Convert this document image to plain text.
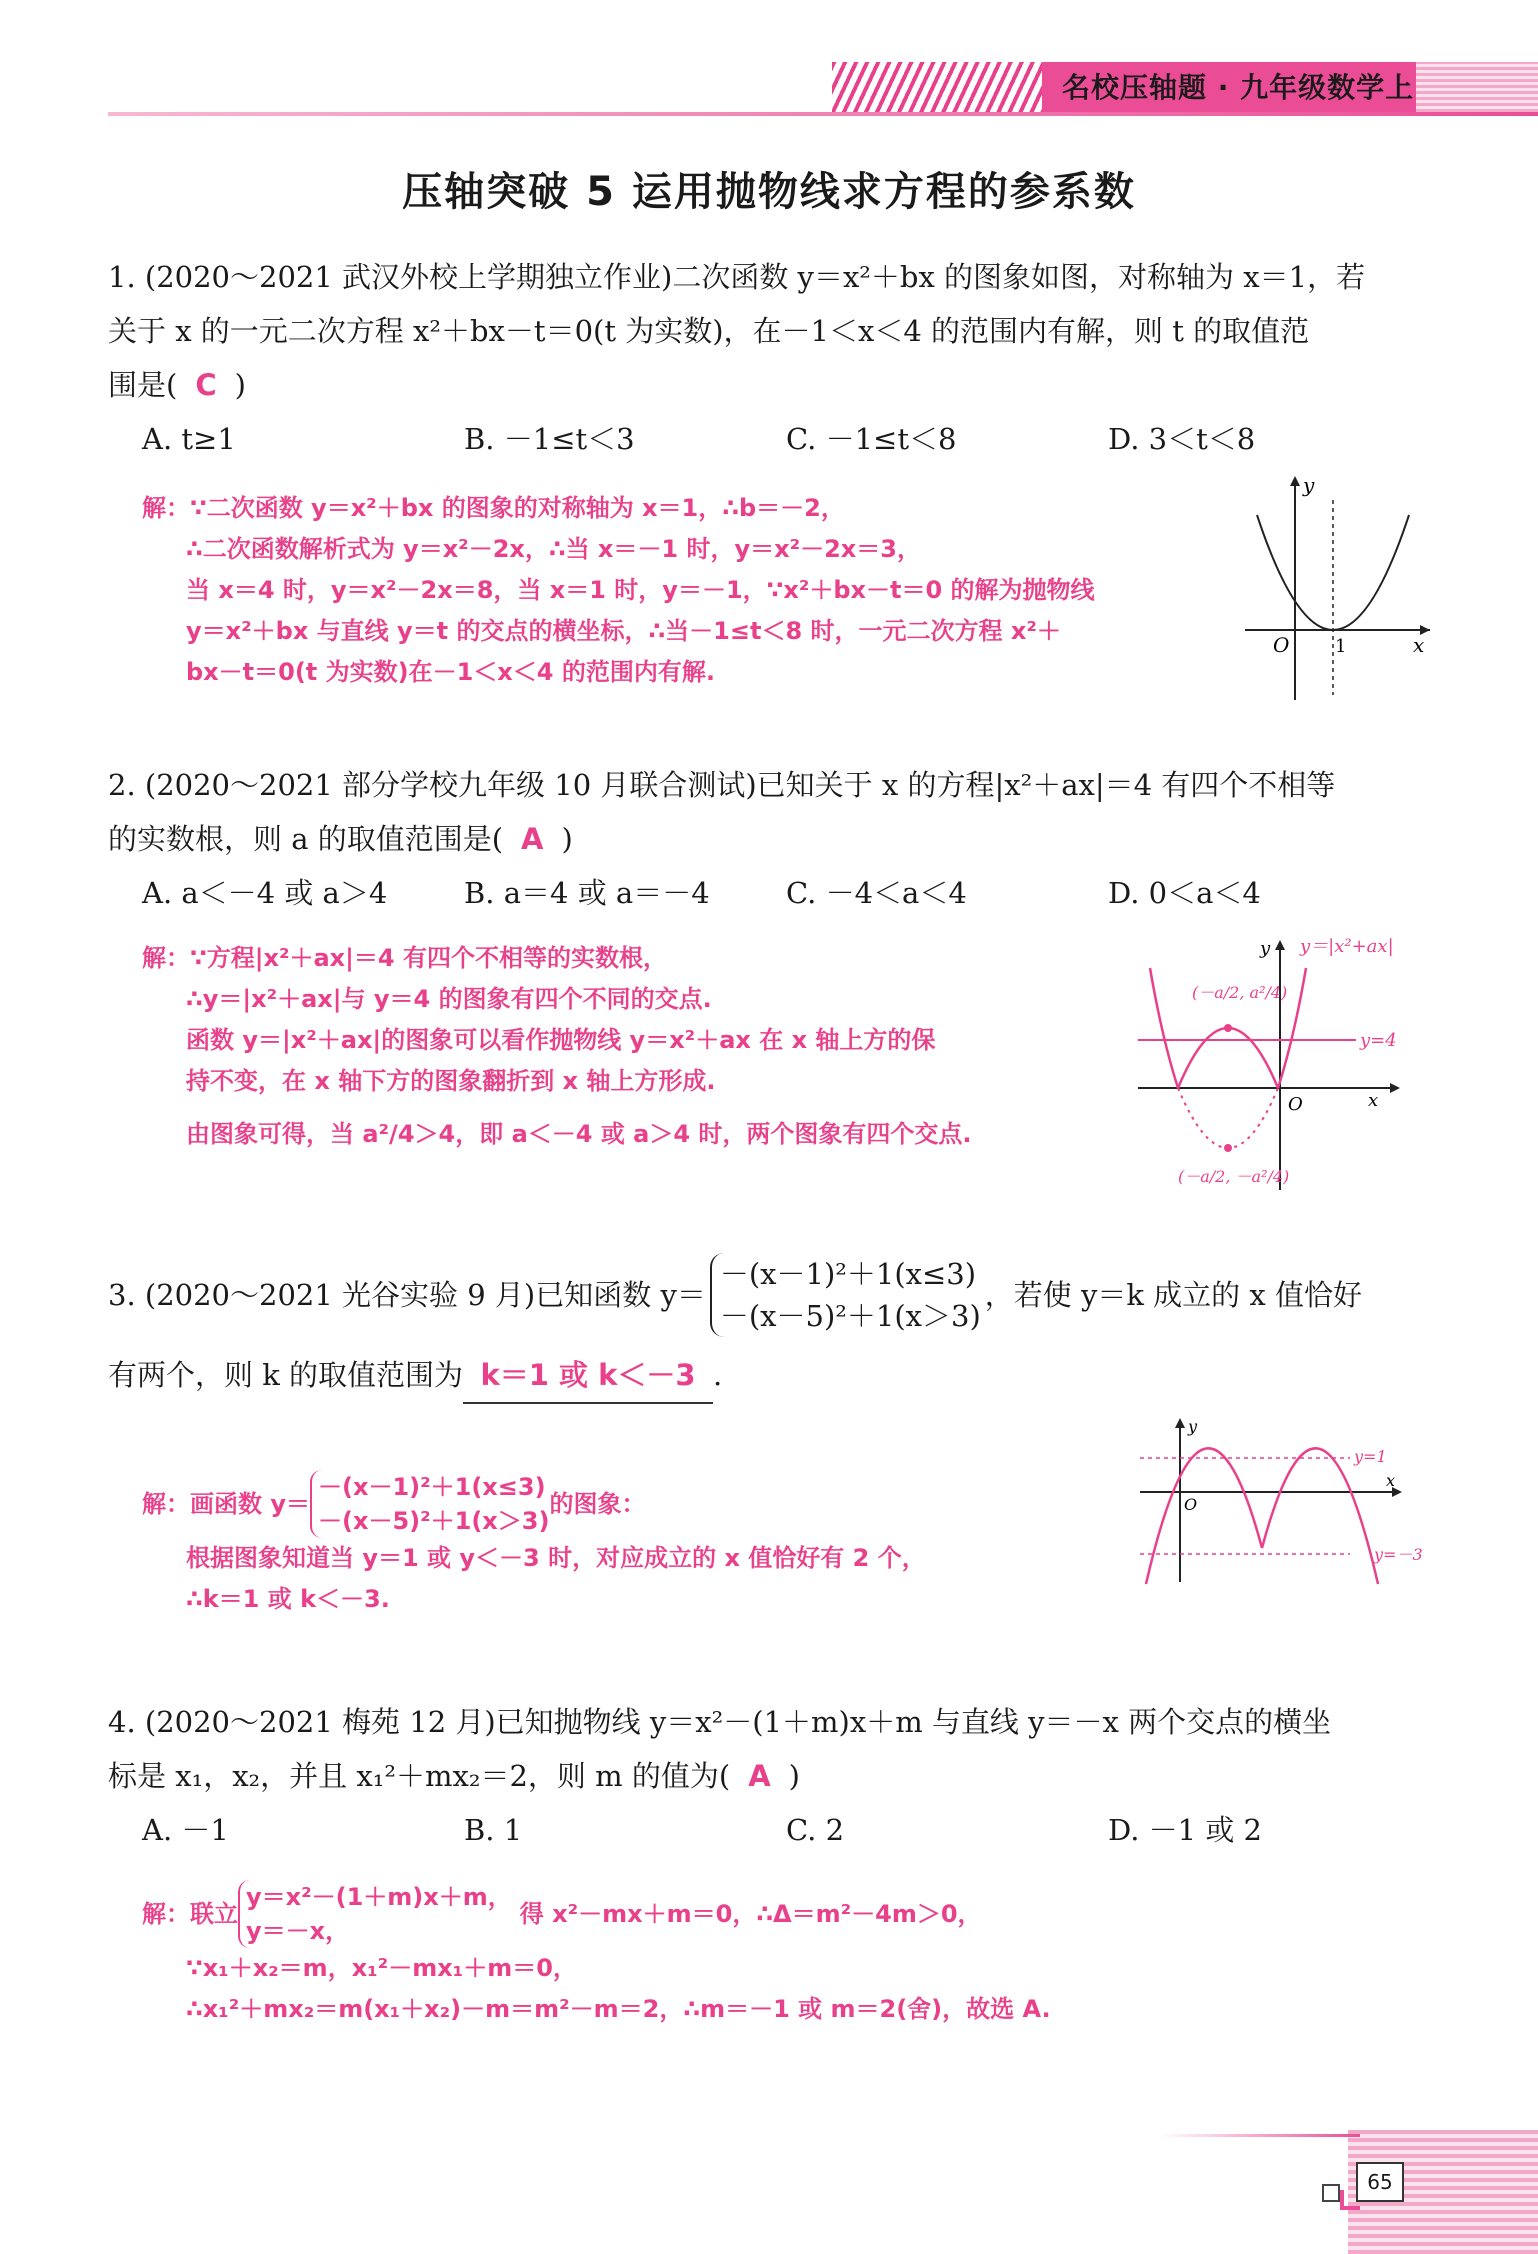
名校压轴题 · 九年级数学上
压轴突破 5 运用抛物线求方程的参系数
1. (2020～2021 武汉外校上学期独立作业)二次函数 y＝x²＋bx 的图象如图，对称轴为 x＝1，若
关于 x 的一元二次方程 x²＋bx－t＝0(t 为实数)，在－1＜x＜4 的范围内有解，则 t 的取值范
围是( C )
A. t≥1	B. －1≤t＜3	C. －1≤t＜8	D. 3＜t＜8
解：∵二次函数 y＝x²＋bx 的图象的对称轴为 x＝1，∴b＝－2，
∴二次函数解析式为 y＝x²－2x，∴当 x＝－1 时，y＝x²－2x＝3，
当 x＝4 时，y＝x²－2x＝8，当 x＝1 时，y＝－1，∵x²＋bx－t＝0 的解为抛物线
y＝x²＋bx 与直线 y＝t 的交点的横坐标，∴当－1≤t＜8 时，一元二次方程 x²＋
bx－t＝0(t 为实数)在－1＜x＜4 的范围内有解.
y
x
O	1
2. (2020～2021 部分学校九年级 10 月联合测试)已知关于 x 的方程|x²＋ax|＝4 有四个不相等
的实数根，则 a 的取值范围是( A )
A. a＜－4 或 a＞4	B. a＝4 或 a＝－4	C. －4＜a＜4	D. 0＜a＜4
解：∵方程|x²＋ax|＝4 有四个不相等的实数根，
∴y＝|x²＋ax|与 y＝4 的图象有四个不同的交点.
函数 y＝|x²＋ax|的图象可以看作抛物线 y＝x²＋ax 在 x 轴上方的保
持不变，在 x 轴下方的图象翻折到 x 轴上方形成.
由图象可得，当 a²/4＞4，即 a＜－4 或 a＞4 时，两个图象有四个交点.
y y＝|x²+ax|
y=4
x
O
(－a/2, a²/4)
(－a/2, －a²/4)
3. (2020～2021 光谷实验 9 月)已知函数 y＝
－(x－1)²＋1(x≤3)
－(x－5)²＋1(x＞3)
，若使 y＝k 成立的 x 值恰好
有两个，则 k 的取值范围为 k＝1 或 k＜－3 .
解：画函数 y＝
－(x－1)²＋1(x≤3)
－(x－5)²＋1(x＞3)
的图象：
根据图象知道当 y＝1 或 y＜－3 时，对应成立的 x 值恰好有 2 个，
∴k＝1 或 k＜－3.
y
x
O
y=1
y=－3
4. (2020～2021 梅苑 12 月)已知抛物线 y＝x²－(1＋m)x＋m 与直线 y＝－x 两个交点的横坐
标是 x₁，x₂，并且 x₁²＋mx₂＝2，则 m 的值为( A )
A. －1	B. 1	C. 2	D. －1 或 2
解：联立
y＝x²－(1＋m)x＋m，
y＝－x，
得 x²－mx＋m＝0，∴Δ＝m²－4m＞0，
∵x₁＋x₂＝m，x₁²－mx₁＋m＝0，
∴x₁²＋mx₂＝m(x₁＋x₂)－m＝m²－m＝2，∴m＝－1 或 m＝2(舍)，故选 A.
65
